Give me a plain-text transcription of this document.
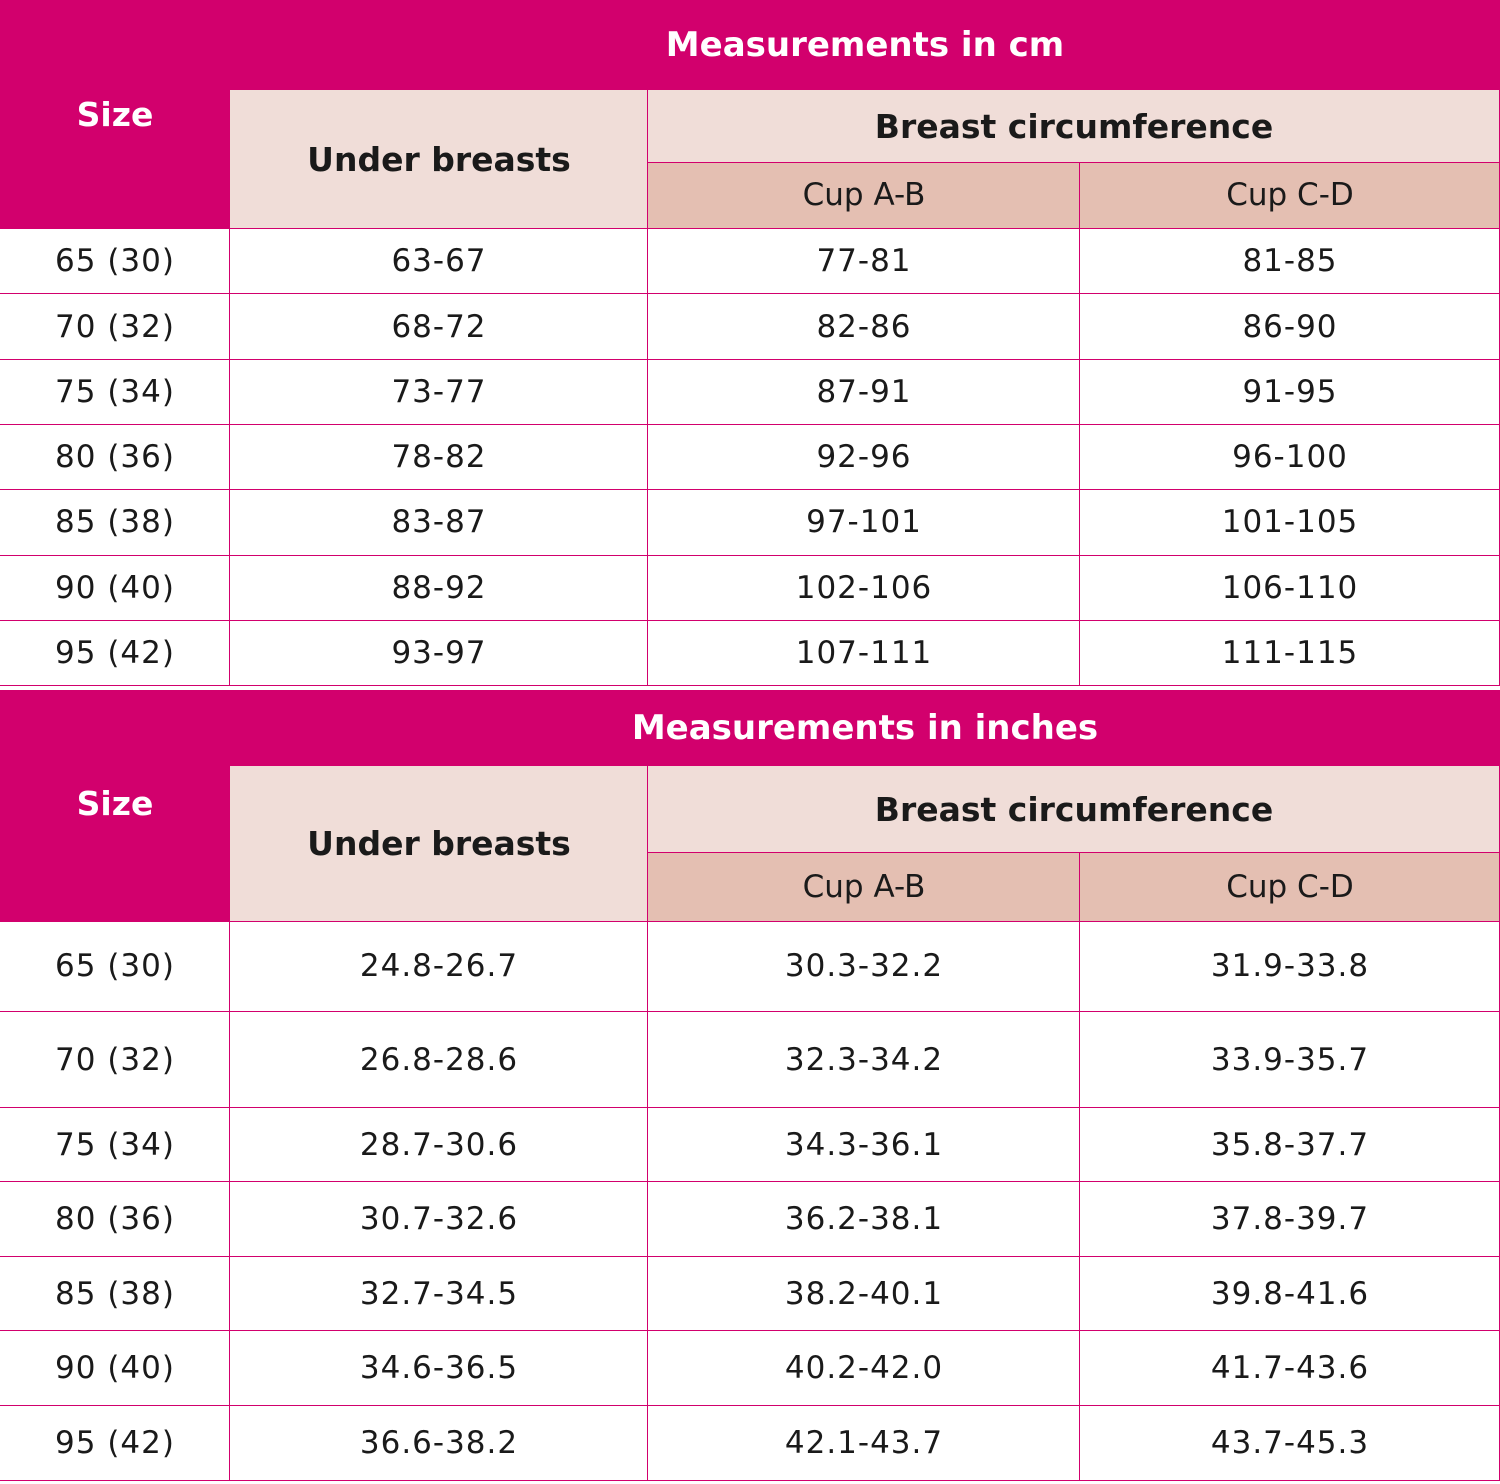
Measurements in cm
Size
Under breasts
Breast circumference
Cup A-B	Cup C-D
65 (30)	63-67	77-81	81-85
70 (32)	68-72	82-86	86-90
75 (34)	73-77	87-91	91-95
80 (36)	78-82	92-96	96-100
85 (38)	83-87	97-101	101-105
90 (40)	88-92	102-106	106-110
95 (42)	93-97	107-111	111-115
Measurements in inches
Size
Under breasts
Breast circumference
Cup A-B	Cup C-D
65 (30)	24.8-26.7	30.3-32.2	31.9-33.8
70 (32)	26.8-28.6	32.3-34.2	33.9-35.7
75 (34)	28.7-30.6	34.3-36.1	35.8-37.7
80 (36)	30.7-32.6	36.2-38.1	37.8-39.7
85 (38)	32.7-34.5	38.2-40.1	39.8-41.6
90 (40)	34.6-36.5	40.2-42.0	41.7-43.6
95 (42)	36.6-38.2	42.1-43.7	43.7-45.3
